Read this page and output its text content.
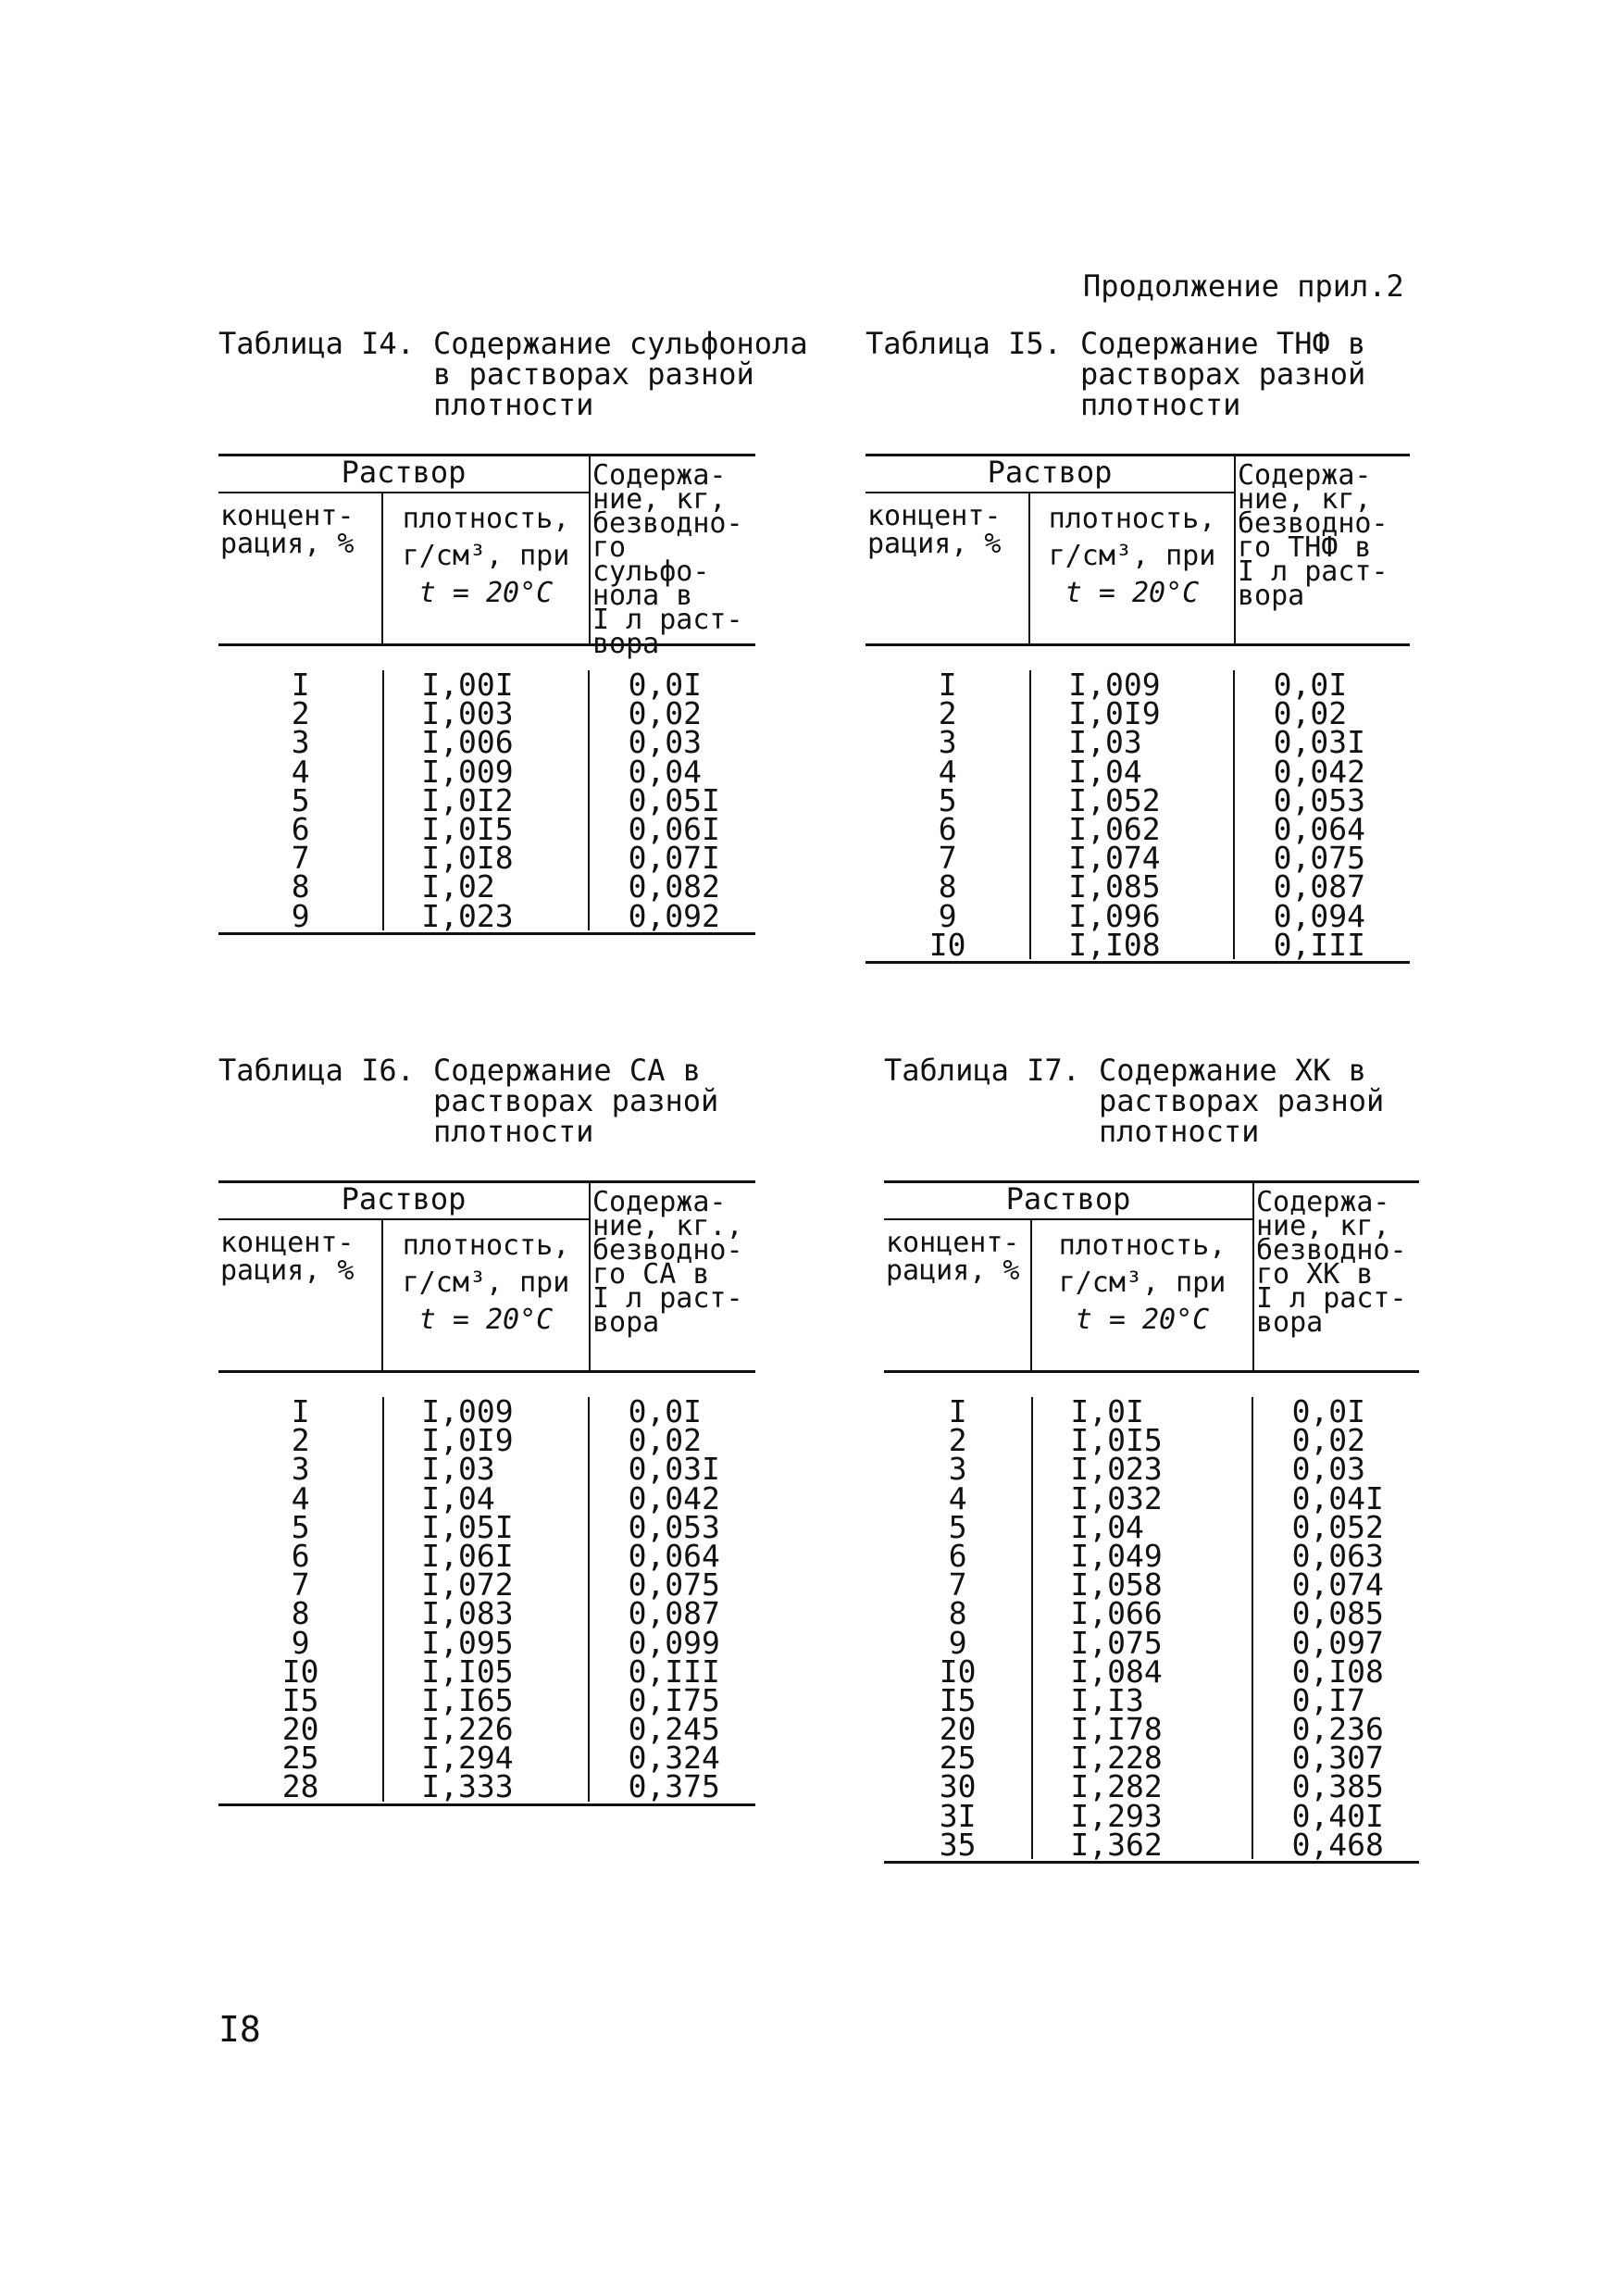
Продолжение прил.2
Таблица I4. Содержание сульфонола
в растворах разной
плотности
Раствор
концент-
рация, %
плотность,
г/см³, при
t = 20°С
Содержа-
ние, кг,
безводно-
го сульфо-
нола в
I л раст-
вора
I
2
3
4
5
6
7
8
9
I,00I
I,003
I,006
I,009
I,0I2
I,0I5
I,0I8
I,02
I,023
0,0I
0,02
0,03
0,04
0,05I
0,06I
0,07I
0,082
0,092
Таблица I5. Содержание ТНФ в
растворах разной
плотности
Раствор
концент-
рация, %
плотность,
г/см³, при
t = 20°С
Содержа-
ние, кг,
безводно-
го ТНФ в
I л раст-
вора
I
2
3
4
5
6
7
8
9
I0
I,009
I,0I9
I,03
I,04
I,052
I,062
I,074
I,085
I,096
I,I08
0,0I
0,02
0,03I
0,042
0,053
0,064
0,075
0,087
0,094
0,III
Таблица I6. Содержание СА в
растворах разной
плотности
Раствор
концент-
рация, %
плотность,
г/см³, при
t = 20°С
Содержа-
ние, кг.,
безводно-
го СА в
I л раст-
вора
I
2
3
4
5
6
7
8
9
I0
I5
20
25
28
I,009
I,0I9
I,03
I,04
I,05I
I,06I
I,072
I,083
I,095
I,I05
I,I65
I,226
I,294
I,333
0,0I
0,02
0,03I
0,042
0,053
0,064
0,075
0,087
0,099
0,III
0,I75
0,245
0,324
0,375
Таблица I7. Содержание ХК в
растворах разной
плотности
Раствор
концент-
рация, %
плотность,
г/см³, при
t = 20°С
Содержа-
ние, кг,
безводно-
го ХК в
I л раст-
вора
I
2
3
4
5
6
7
8
9
I0
I5
20
25
30
3I
35
I,0I
I,0I5
I,023
I,032
I,04
I,049
I,058
I,066
I,075
I,084
I,I3
I,I78
I,228
I,282
I,293
I,362
0,0I
0,02
0,03
0,04I
0,052
0,063
0,074
0,085
0,097
0,I08
0,I7
0,236
0,307
0,385
0,40I
0,468
I8
